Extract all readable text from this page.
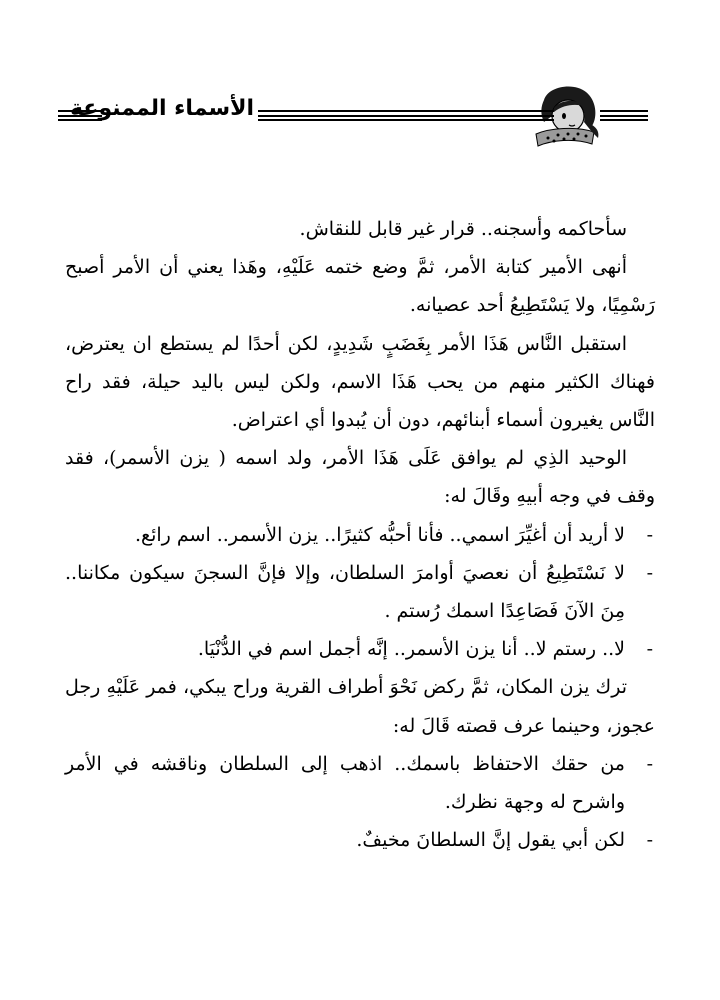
الأسماء الممنوعة

سأحاكمه وأسجنه.. قرار غير قابل للنقاش.

أنهى الأمير كتابة الأمر، ثمَّ وضع ختمه عَلَيْهِ، وهَذا يعني أن الأمر أصبح رَسْمِيًا، ولا يَسْتَطِيعُ أحد عصيانه.

استقبل النَّاس هَذَا الأمر بِغَضَبٍ شَدِيدٍ، لكن أحدًا لم يستطع ان يعترض، فهناك الكثير منهم من يحب هَذَا الاسم، ولكن ليس باليد حيلة، فقد راح النَّاس يغيرون أسماء أبنائهم، دون أن يُبدوا أي اعتراض.

الوحيد الذِي لم يوافق عَلَى هَذَا الأمر، ولد اسمه ( يزن الأسمر)، فقد وقف في وجه أبيهِ وقَالَ له:

- لا أريد أن أغيِّرَ اسمي.. فأنا أحبُّه كثيرًا.. يزن الأسمر.. اسم رائع.

- لا نَسْتَطِيعُ أن نعصيَ أوامرَ السلطان، وإلا فإنَّ السجنَ سيكون مكاننا.. مِنَ الآنَ فَصَاعِدًا اسمك رُستم .

- لا.. رستم لا.. أنا يزن الأسمر.. إنَّه أجمل اسم في الدُّنْيَا.

ترك يزن المكان، ثمَّ ركض نَحْوَ أطراف القرية وراح يبكي، فمر عَلَيْهِ رجل عجوز، وحينما عرف قصته قَالَ له:

- من حقك الاحتفاظ باسمك.. اذهب إلى السلطان وناقشه في الأمر واشرح له وجهة نظرك.

- لكن أبي يقول إنَّ السلطانَ مخيفٌ.
